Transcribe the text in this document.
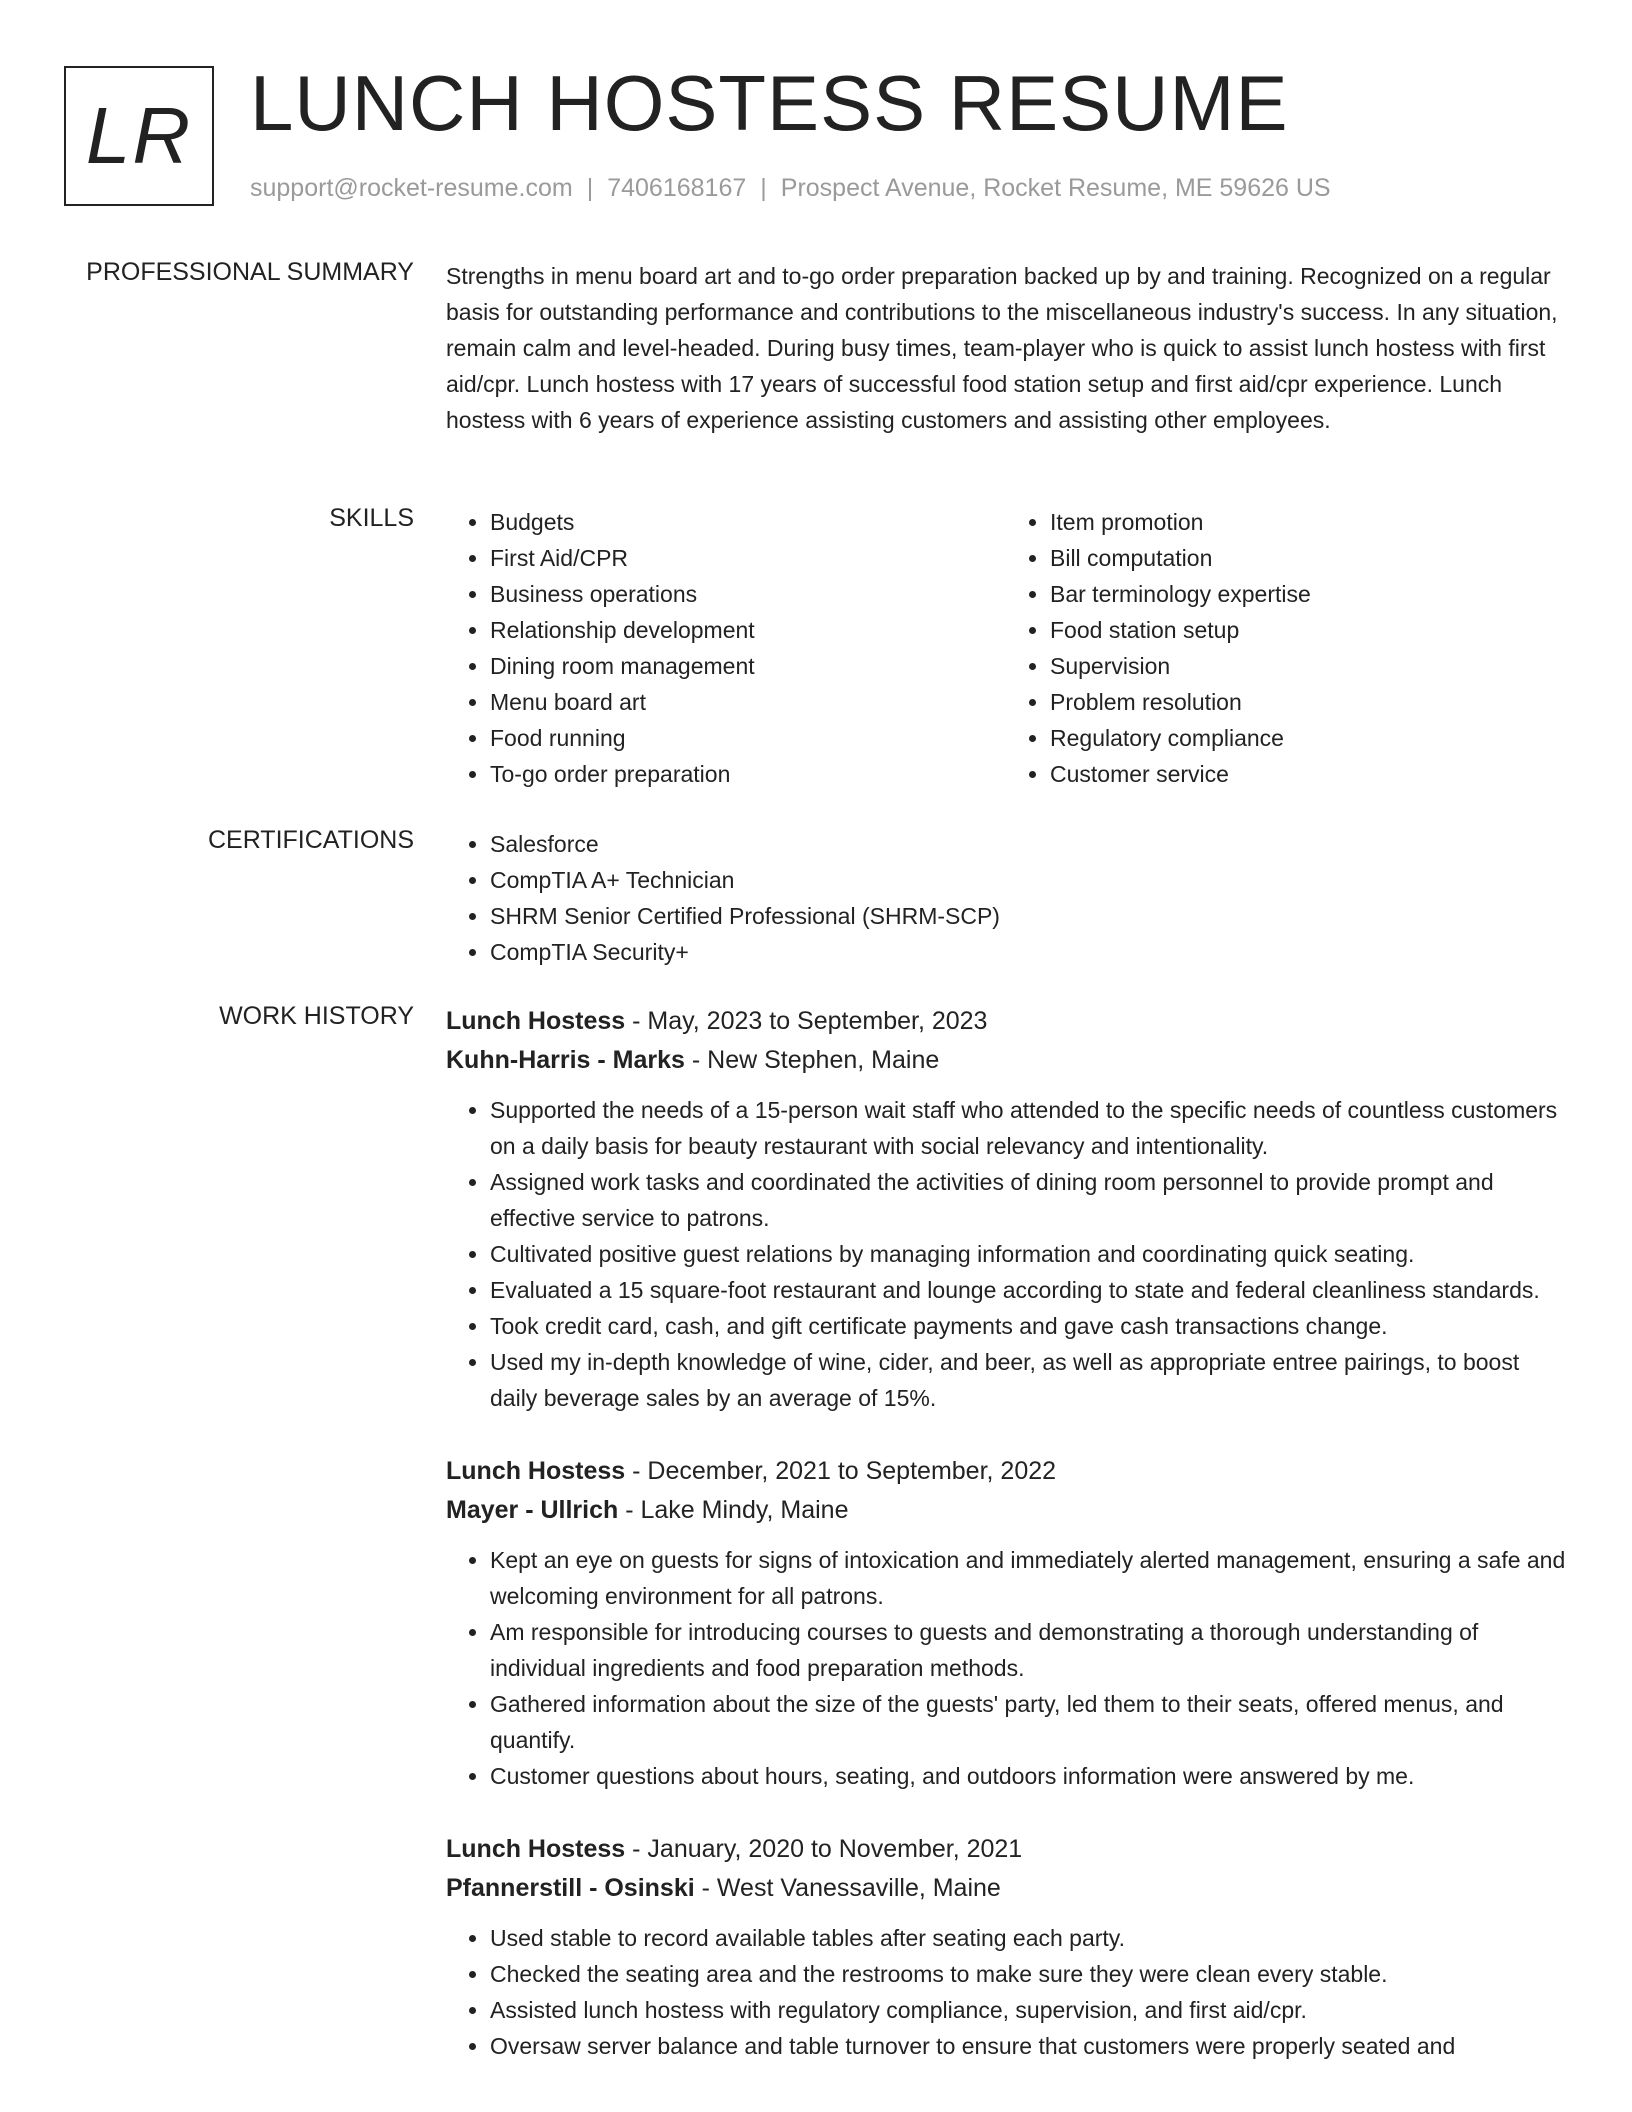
LR LUNCH HOSTESS RESUME
support@rocket-resume.com | 7406168167 | Prospect Avenue, Rocket Resume, ME 59626 US
PROFESSIONAL SUMMARY Strengths in menu board art and to-go order preparation backed up by and training. Recognized on a regular basis for outstanding performance and contributions to the miscellaneous industry's success. In any situation, remain calm and level-headed. During busy times, team-player who is quick to assist lunch hostess with first aid/cpr. Lunch hostess with 17 years of successful food station setup and first aid/cpr experience. Lunch hostess with 6 years of experience assisting customers and assisting other employees.

SKILLS	• Budgets
• First Aid/CPR
• Business operations
• Relationship development
• Dining room management
• Menu board art
• Food running
• To-go order preparation
• Item promotion
• Bill computation
• Bar terminology expertise
• Food station setup
• Supervision
• Problem resolution
• Regulatory compliance
• Customer service
CERTIFICATIONS	• Salesforce
• CompTIA A+ Technician
• SHRM Senior Certified Professional (SHRM-SCP)
• CompTIA Security+
WORK HISTORY Lunch Hostess - May, 2023 to September, 2023
Kuhn-Harris - Marks - New Stephen, Maine
• Supported the needs of a 15-person wait staff who attended to the specific needs of countless customers on a daily basis for beauty restaurant with social relevancy and intentionality.
• Assigned work tasks and coordinated the activities of dining room personnel to provide prompt and effective service to patrons.
• Cultivated positive guest relations by managing information and coordinating quick seating.
• Evaluated a 15 square-foot restaurant and lounge according to state and federal cleanliness standards.
• Took credit card, cash, and gift certificate payments and gave cash transactions change.
• Used my in-depth knowledge of wine, cider, and beer, as well as appropriate entree pairings, to boost daily beverage sales by an average of 15%.
Lunch Hostess - December, 2021 to September, 2022
Mayer - Ullrich - Lake Mindy, Maine
• Kept an eye on guests for signs of intoxication and immediately alerted management, ensuring a safe and welcoming environment for all patrons.
• Am responsible for introducing courses to guests and demonstrating a thorough understanding of individual ingredients and food preparation methods.
• Gathered information about the size of the guests' party, led them to their seats, offered menus, and quantify.
• Customer questions about hours, seating, and outdoors information were answered by me.
Lunch Hostess - January, 2020 to November, 2021
Pfannerstill - Osinski - West Vanessaville, Maine
• Used stable to record available tables after seating each party.
• Checked the seating area and the restrooms to make sure they were clean every stable.
• Assisted lunch hostess with regulatory compliance, supervision, and first aid/cpr.
• Oversaw server balance and table turnover to ensure that customers were properly seated and
